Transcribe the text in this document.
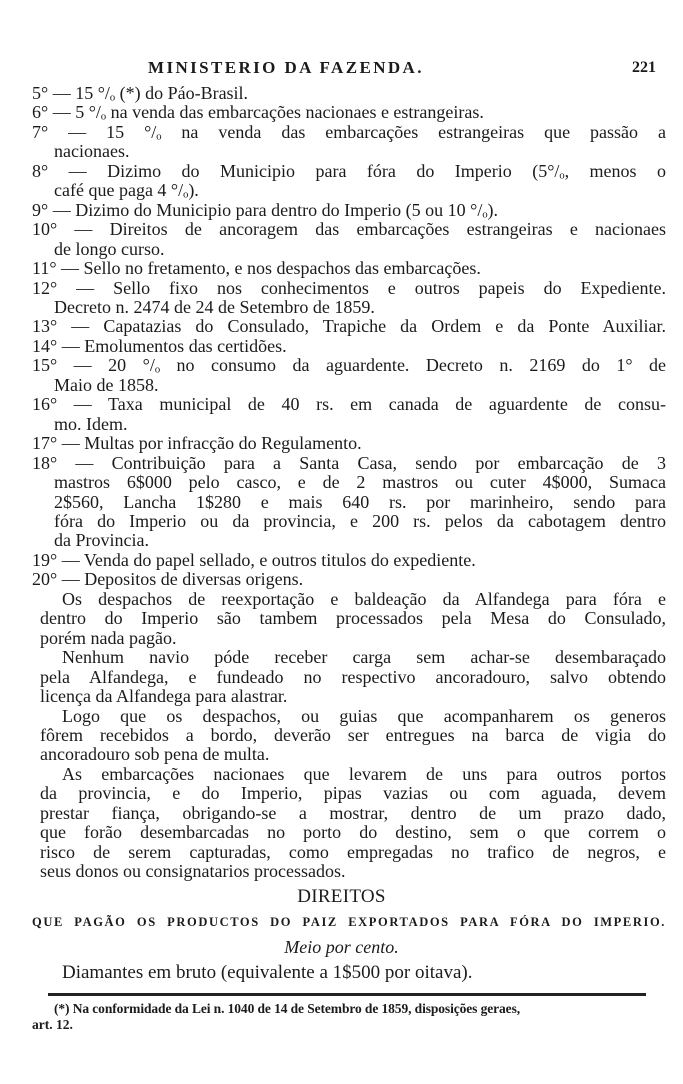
MINISTERIO DA FAZENDA.	221
5° — 15 °/ₒ (*) do Páo-Brasil.
6° — 5 °/ₒ na venda das embarcações nacionaes e estrangeiras.
7° — 15 °/ₒ na venda das embarcações estrangeiras que passão a
nacionaes.
8° — Dizimo do Municipio para fóra do Imperio (5°/ₒ, menos o
café que paga 4 °/ₒ).
9° — Dizimo do Municipio para dentro do Imperio (5 ou 10 °/ₒ).
10° — Direitos de ancoragem das embarcações estrangeiras e nacionaes
de longo curso.
11° — Sello no fretamento, e nos despachos das embarcações.
12° — Sello fixo nos conhecimentos e outros papeis do Expediente.
Decreto n. 2474 de 24 de Setembro de 1859.
13° — Capatazias do Consulado, Trapiche da Ordem e da Ponte Auxiliar.
14° — Emolumentos das certidões.
15° — 20 °/ₒ no consumo da aguardente. Decreto n. 2169 do 1° de
Maio de 1858.
16° — Taxa municipal de 40 rs. em canada de aguardente de consu-
mo. Idem.
17° — Multas por infracção do Regulamento.
18° — Contribuição para a Santa Casa, sendo por embarcação de 3
mastros 6$000 pelo casco, e de 2 mastros ou cuter 4$000, Sumaca
2$560, Lancha 1$280 e mais 640 rs. por marinheiro, sendo para
fóra do Imperio ou da provincia, e 200 rs. pelos da cabotagem dentro
da Provincia.
19° — Venda do papel sellado, e outros titulos do expediente.
20° — Depositos de diversas origens.
Os despachos de reexportação e baldeação da Alfandega para fóra e
dentro do Imperio são tambem processados pela Mesa do Consulado,
porém nada pagão.
Nenhum navio póde receber carga sem achar-se desembaraçado
pela Alfandega, e fundeado no respectivo ancoradouro, salvo obtendo
licença da Alfandega para alastrar.
Logo que os despachos, ou guias que acompanharem os generos
fôrem recebidos a bordo, deverão ser entregues na barca de vigia do
ancoradouro sob pena de multa.
As embarcações nacionaes que levarem de uns para outros portos
da provincia, e do Imperio, pipas vazias ou com aguada, devem
prestar fiança, obrigando-se a mostrar, dentro de um prazo dado,
que forão desembarcadas no porto do destino, sem o que correm o
risco de serem capturadas, como empregadas no trafico de negros, e
seus donos ou consignatarios processados.
DIREITOS
QUE PAGÃO OS PRODUCTOS DO PAIZ EXPORTADOS PARA FÓRA DO IMPERIO.
Meio por cento.
Diamantes em bruto (equivalente a 1$500 por oitava).
(*) Na conformidade da Lei n. 1040 de 14 de Setembro de 1859, disposições geraes,
art. 12.
